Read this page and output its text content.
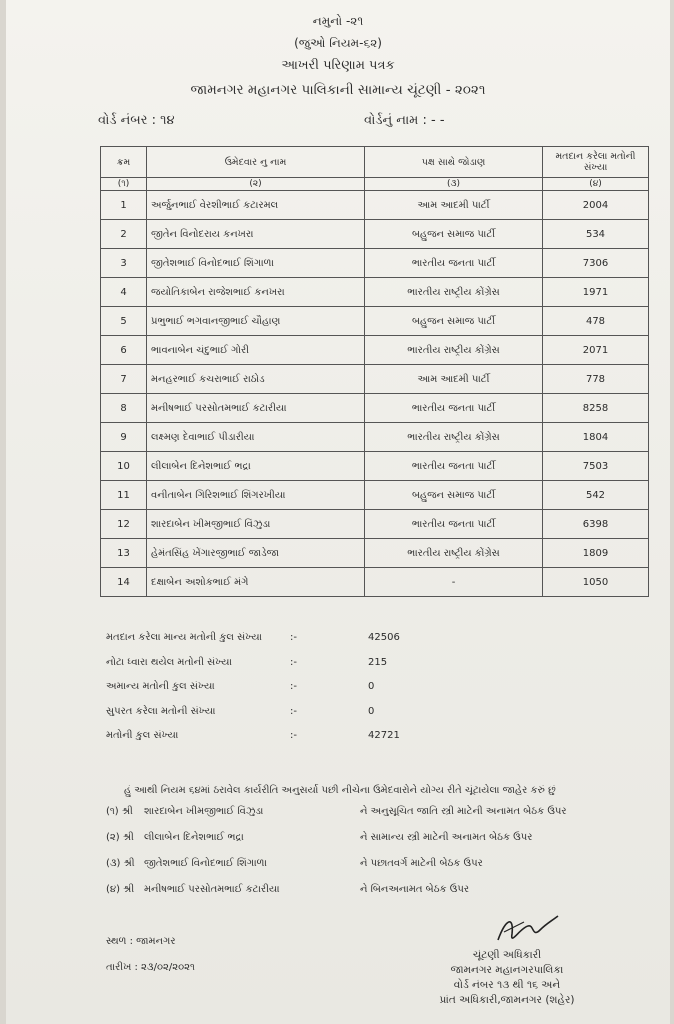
નમુનો -૨૧
(જુઓ નિયમ-૬૨)
આખરી પરિણામ પત્રક
જામનગર મહાનગર પાલિકાની સામાન્ય ચૂંટણી - ૨૦૨૧
વોર્ડ નંબર : ૧૪	વોર્ડનું નામ : - -
ક્રમ	ઉમેદવાર નુ નામ	પક્ષ સાથે જોડાણ	મતદાન કરેલા મતોની સંખ્યા
(૧)	(૨)	(૩)	(૪)
1	અર્જુનભાઈ વેરશીભાઈ કટારમલ	આમ આદમી પાર્ટી	2004
2	જીતેન વિનોદરાય કનખરા	બહુજન સમાજ પાર્ટી	534
3	જીતેશભાઈ વિનોદભાઈ શિંગાળા	ભારતીય જનતા પાર્ટી	7306
4	જયોતિકાબેન રાજેશભાઈ કનખરા	ભારતીય રાષ્ટ્રીય કોંગ્રેસ	1971
5	પ્રભુભાઈ ભગવાનજીભાઈ ચૌહાણ	બહુજન સમાજ પાર્ટી	478
6	ભાવનાબેન ચંદુભાઈ ગોરી	ભારતીય રાષ્ટ્રીય કોંગ્રેસ	2071
7	મનહરભાઈ કચરાભાઈ રાઠોડ	આમ આદમી પાર્ટી	778
8	મનીષભાઈ પરસોતમભાઈ કટારીયા	ભારતીય જનતા પાર્ટી	8258
9	લક્ષ્મણ દેવાભાઈ પીડારીયા	ભારતીય રાષ્ટ્રીય કોંગ્રેસ	1804
10	લીલાબેન દિનેશભાઈ ભદ્રા	ભારતીય જનતા પાર્ટી	7503
11	વનીતાબેન ગિરિશભાઈ શિંગરખીયા	બહુજન સમાજ પાર્ટી	542
12	શારદાબેન ખીમજીભાઈ વિંઝુડા	ભારતીય જનતા પાર્ટી	6398
13	હેમંતસિંહ ખેંગારજીભાઈ જાડેજા	ભારતીય રાષ્ટ્રીય કોંગ્રેસ	1809
14	દક્ષાબેન અશોકભાઈ મંગે	-	1050
મતદાન કરેલા માન્ય મતોની કુલ સંખ્યા	:-	42506
નોટા ધ્વારા થયેલ મતોની સંખ્યા	:-	215
અમાન્ય મતોની કુલ સંખ્યા	:-	0
સુપરત કરેલા મતોની સંખ્યા	:-	0
મતોની કુલ સંખ્યા	:-	42721
હું આથી નિયમ ૬૪માં ઠરાવેલ કાર્યરીતિ અનુસર્યા પછી નીચેના ઉમેદવારોને યોગ્ય રીતે ચૂંટાયેલા જાહેર કરું છું
(૧) શ્રી શારદાબેન ખીમજીભાઈ વિંઝુડા	ને અનુસૂચિત જાતિ સ્ત્રી માટેની અનામત બેઠક ઉપર
(૨) શ્રી લીલાબેન દિનેશભાઈ ભદ્રા	ને સામાન્ય સ્ત્રી માટેની અનામત બેઠક ઉપર
(૩) શ્રી જીતેશભાઈ વિનોદભાઈ શિંગાળા	ને પછાતવર્ગ માટેની બેઠક ઉપર
(૪) શ્રી મનીષભાઈ પરસોતમભાઈ કટારીયા	ને બિનઅનામત બેઠક ઉપર
સ્થળ : જામનગર
તારીખ : ૨૩/૦૨/૨૦૨૧
ચૂંટણી અધિકારી
જામનગર મહાનગરપાલિકા
વોર્ડ નંબર ૧૩ થી ૧૬ અને
પ્રાંત અધિકારી,જામનગર (શહેર)
